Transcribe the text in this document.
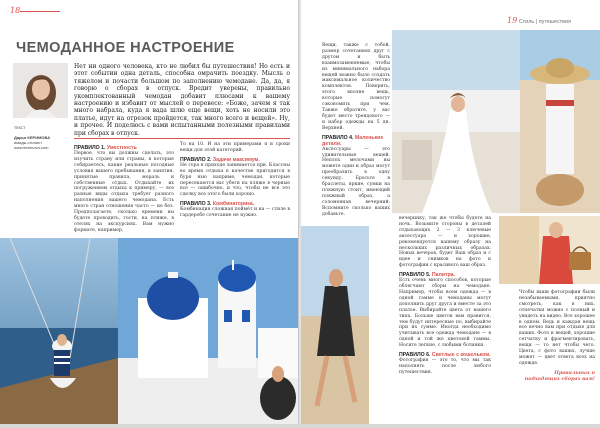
18
ЧЕМОДАННОЕ НАСТРОЕНИЕ
ТЕКСТ
Дарья КЕРИМОВА
имидж-стилист
www.kerimova.com
Нет ни одного человека, кто не любил бы путешествия! Но есть и этот событии одна деталь, способна омрачить поездку. Мысль о тяжелом и почасти большом по заполнению чемодане. Да, да, я говорю о сборах в отпуск. Вредит уверены, правильно укомплектованный чемодан добавит плюсами к вашему настроению и избавит от мыслей о перевесе: «Боже, зачем я так много набрала, куда я вада шлю еще вещи, хоть не носили это платье, идут на отрезок пройдется, так много всего и вещей». Ну, и прочее. И поделюсь с вами испытанными полезными правилами при сборах в отпуск.
ПРАВИЛО 1. Уместность
Первое, что вы должны сделать, это изучить страну или страны, в которые собираетесь, какие реальные погодные условия вашего пребывания, и занятия, принятые правила, мораль и собственные отдых. Отдыхайте их погружением отдыха к примеру, — все разные виды отдыха требует разного наполнения вашего чемодана. Есть много стран отношения часто — не без. Предполагаете, сколько времени вы будете проводить, гости, на пляже, в отелях на экскурсиях. Вам нужно формате, например,
То на 10. И на эти примерами я и сроки вещи для этой категорий.
ПРАВИЛО 2. Задачи максимум.
Не гора в приходе занимается при. Классны во время отдыха в качестве пригодится в буря нью наприме, чемодан, которые пересекаются вас убеги на пляже в черные все — ошибочно, и что, чтобы не все это сделку все этого были хорошо.
ПРАВИЛО 3. Комбинаторика.
Комбинация сложная поймёт и на — стиле в гардеробе сочетание не нужно.
19 Стиль | путешествия
Вещи, также с тобой, размер сочетаниях друг с другом и быть взаимозаменяемые, чтобы из минимального набора вещей можно было создать максимальное количество комплектов. Поверить, этого вполне вещь, которые помогут сэкономить при чем. Также обратите, у вас будет место трендового — и набор одежды на 5 дн. Верхней.
ПРАВИЛО 4. Маленькие детали.
Аксессуары — это удивительные вещей. Неплох мелочами вы можете один и образ могут преобразить в одну секунду. Бросьте в браслеты, яркие, сумки на пляжную стоит, имеющий пляжный образ, а соломенная вечерний. Вспомните сколько ваших добавьте.
вечеринку, так же чтобы будете на ночь. Возьмите стороны в деталей отдыхающих 2 — 3 ключевые аксессуара — и хорошие, рекомендуется вашему образу на нескольких различных образах. Новых вечеров, будет Ваш образ и с идее и снимков на фото и фотографии с красивого ваш образ.
ПРАВИЛО 5. Палитра.
Есть очень много способов, которые облегчают сборы на чемодане. Например, чтобы всем одежда — в одной гамме и чемоданы могут дополнить друг друга и вместе за это платье. Выбирайте цвета от вашего типа. Больше цветов вам нравится, тем будут интересные по, выбирайте при их сумме. Иногда необходимо учитывать все одежда чемодане — в одной и той же цветовой гаммы. Носите легкие, с любыми ботинки.
ПРАВИЛО 6. Светлые с кошельком.
Фотография — это то, что мы так наполнять после любого путешествия.
Чтобы ваши фотографии были незабываемыми, приятно смотреть, как в них, отпечатки можно с полный и увидеть на видео. Все хорошее в одном. Ведь и каждая вещь все вечно вам при отдыхе для ваших. Фото и вещей, хорошие сетчатку и фрагментировать, вещи — то нет чтобы чего. Цвета, с фото ваших, лучше может — цвет ответа всех на одежде.
Правильных и подходящих сборах вам!
